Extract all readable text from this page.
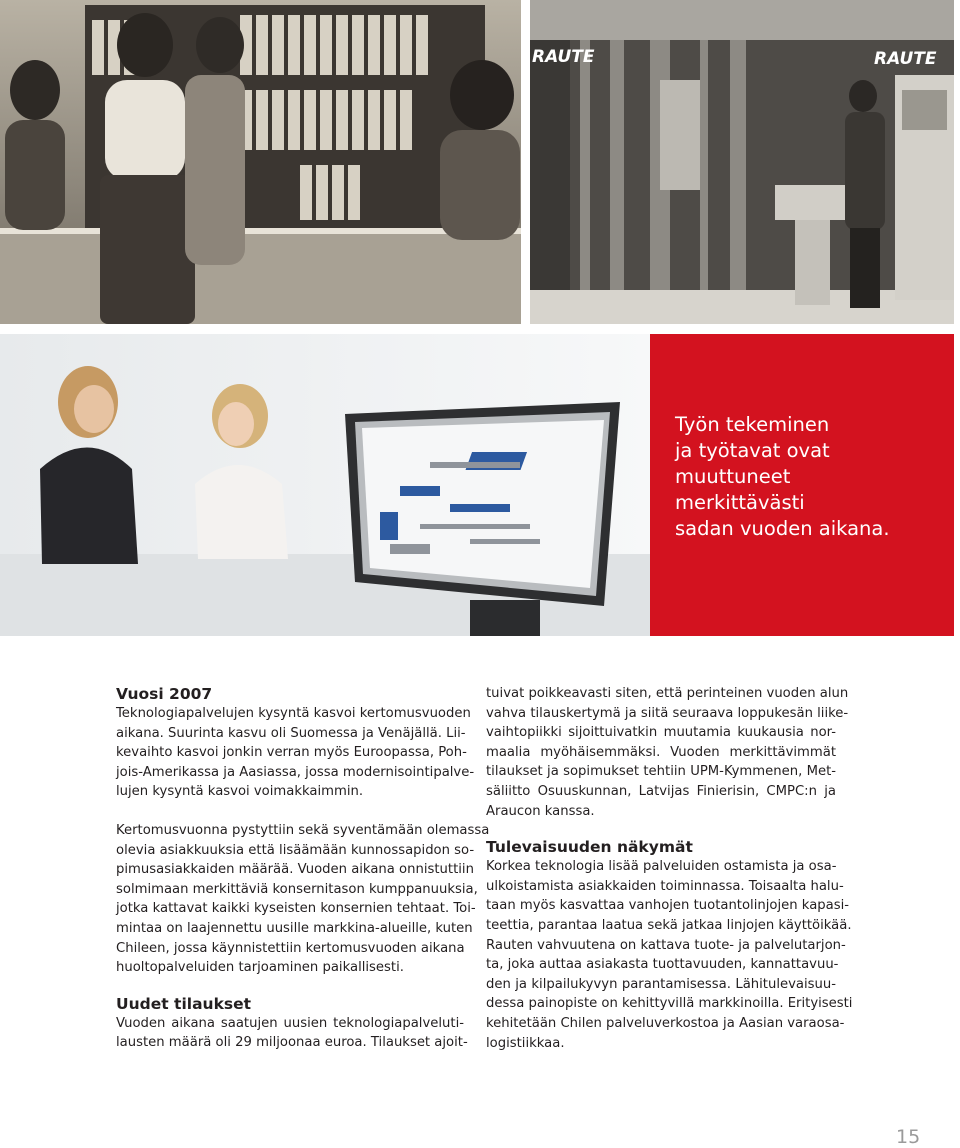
RAUTE	RAUTE
Työn tekeminen
ja työtavat ovat
muuttuneet
merkittävästi
sadan vuoden aikana.
Vuosi 2007

Teknologiapalvelujen kysyntä kasvoi kertomusvuoden
aikana. Suurinta kasvu oli Suomessa ja Venäjällä. Lii-
kevaihto kasvoi jonkin verran myös Euroopassa, Poh-
jois-Amerikassa ja Aasiassa, jossa modernisointipalve-
lujen kysyntä kasvoi voimakkaimmin.

Kertomusvuonna pystyttiin sekä syventämään olemassa
olevia asiakkuuksia että lisäämään kunnossapidon so-
pimusasiakkaiden määrää. Vuoden aikana onnistuttiin
solmimaan merkittäviä konsernitason kumppanuuksia,
jotka kattavat kaikki kyseisten konsernien tehtaat. Toi-
mintaa on laajennettu uusille markkina-alueille, kuten
Chileen, jossa käynnistettiin kertomusvuoden aikana
huoltopalveluiden tarjoaminen paikallisesti.

Uudet tilaukset

Vuoden aikana saatujen uusien teknologiapalveluti-
lausten määrä oli 29 miljoonaa euroa. Tilaukset ajoit-

tuivat poikkeavasti siten, että perinteinen vuoden alun
vahva tilauskertymä ja siitä seuraava loppukesän liike-
vaihtopiikki sijoittuivatkin muutamia kuukausia nor-
maalia myöhäisemmäksi. Vuoden merkittävimmät
tilaukset ja sopimukset tehtiin UPM-Kymmenen, Met-
säliitto Osuuskunnan, Latvijas Finierisin, CMPC:n ja
Araucon kanssa.

Tulevaisuuden näkymät

Korkea teknologia lisää palveluiden ostamista ja osa-
ulkoistamista asiakkaiden toiminnassa. Toisaalta halu-
taan myös kasvattaa vanhojen tuotantolinjojen kapasi-
teettia, parantaa laatua sekä jatkaa linjojen käyttöikää.
Rauten vahvuutena on kattava tuote- ja palvelutarjon-
ta, joka auttaa asiakasta tuottavuuden, kannattavuu-
den ja kilpailukyvyn parantamisessa. Lähitulevaisuu-
dessa painopiste on kehittyvillä markkinoilla. Erityisesti
kehitetään Chilen palveluverkostoa ja Aasian varaosa-
logistiikkaa.

15
